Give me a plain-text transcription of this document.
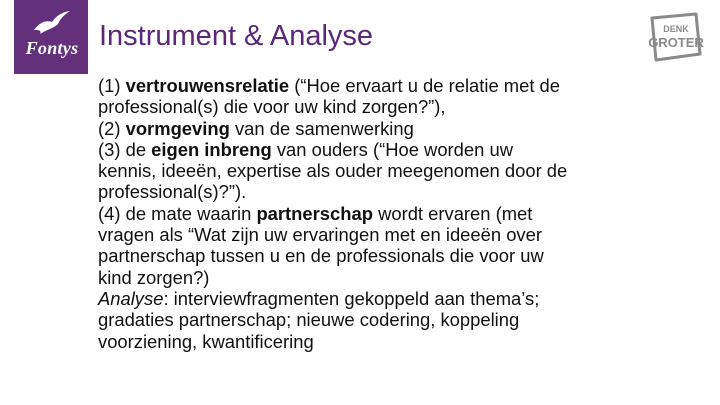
Fontys Instrument & Analyse	DENK
GROTER
(1) vertrouwensrelatie (“Hoe ervaart u de relatie met de
professional(s) die voor uw kind zorgen?”),
(2) vormgeving van de samenwerking
(3) de eigen inbreng van ouders (“Hoe worden uw
kennis, ideeën, expertise als ouder meegenomen door de
professional(s)?”).
(4) de mate waarin partnerschap wordt ervaren (met
vragen als “Wat zijn uw ervaringen met en ideeën over
partnerschap tussen u en de professionals die voor uw
kind zorgen?)
Analyse: interviewfragmenten gekoppeld aan thema’s;
gradaties partnerschap; nieuwe codering, koppeling
voorziening, kwantificering
